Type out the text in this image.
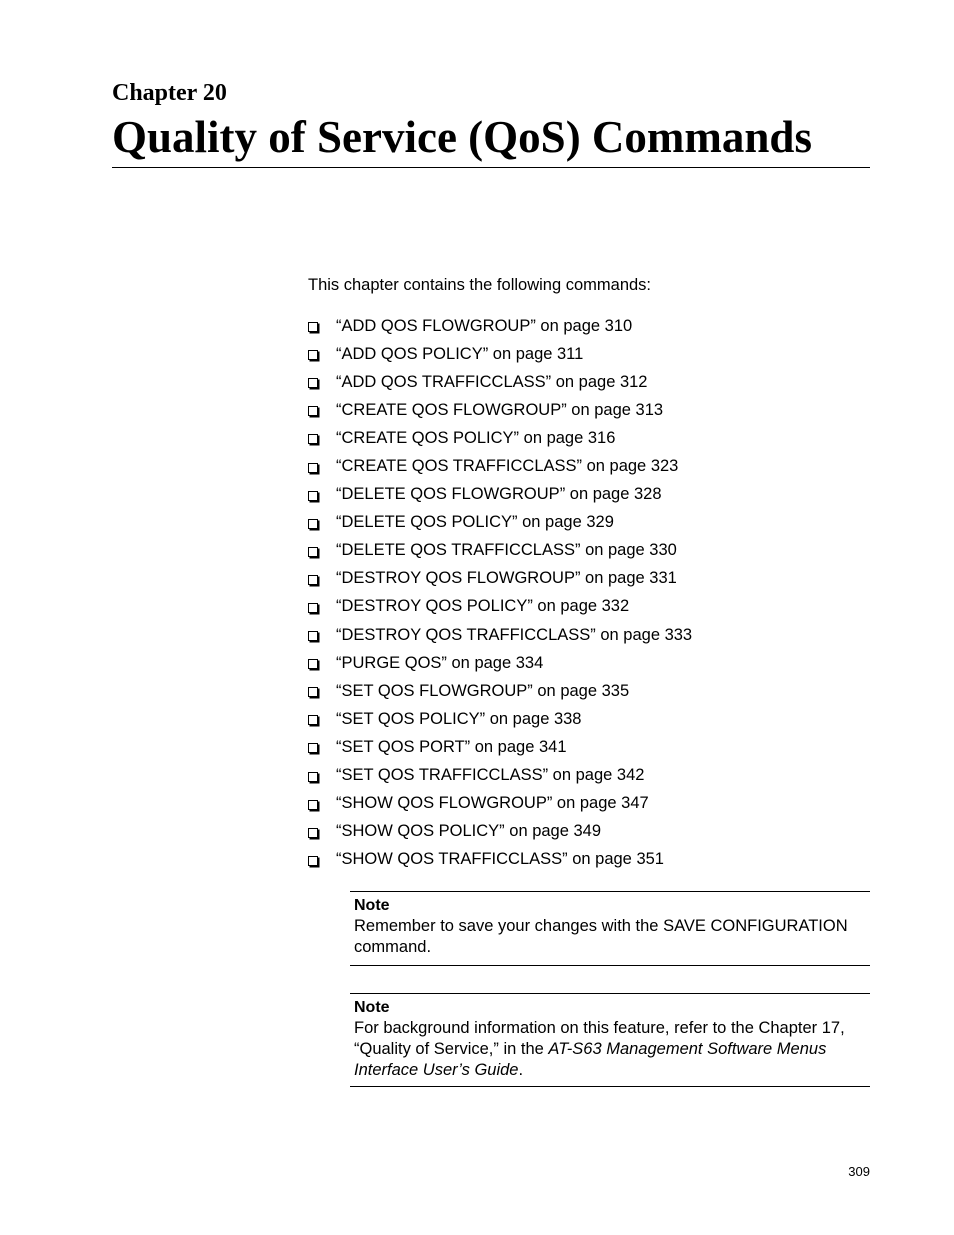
Chapter 20
Quality of Service (QoS) Commands

This chapter contains the following commands:

“ADD QOS FLOWGROUP” on page 310
“ADD QOS POLICY” on page 311
“ADD QOS TRAFFICCLASS” on page 312
“CREATE QOS FLOWGROUP” on page 313
“CREATE QOS POLICY” on page 316
“CREATE QOS TRAFFICCLASS” on page 323
“DELETE QOS FLOWGROUP” on page 328
“DELETE QOS POLICY” on page 329
“DELETE QOS TRAFFICCLASS” on page 330
“DESTROY QOS FLOWGROUP” on page 331
“DESTROY QOS POLICY” on page 332
“DESTROY QOS TRAFFICCLASS” on page 333
“PURGE QOS” on page 334
“SET QOS FLOWGROUP” on page 335
“SET QOS POLICY” on page 338
“SET QOS PORT” on page 341
“SET QOS TRAFFICCLASS” on page 342
“SHOW QOS FLOWGROUP” on page 347
“SHOW QOS POLICY” on page 349
“SHOW QOS TRAFFICCLASS” on page 351

Note

Remember to save your changes with the SAVE CONFIGURATION command.

Note

For background information on this feature, refer to the Chapter 17, “Quality of Service,” in the AT-S63 Management Software Menus Interface User’s Guide.

309
